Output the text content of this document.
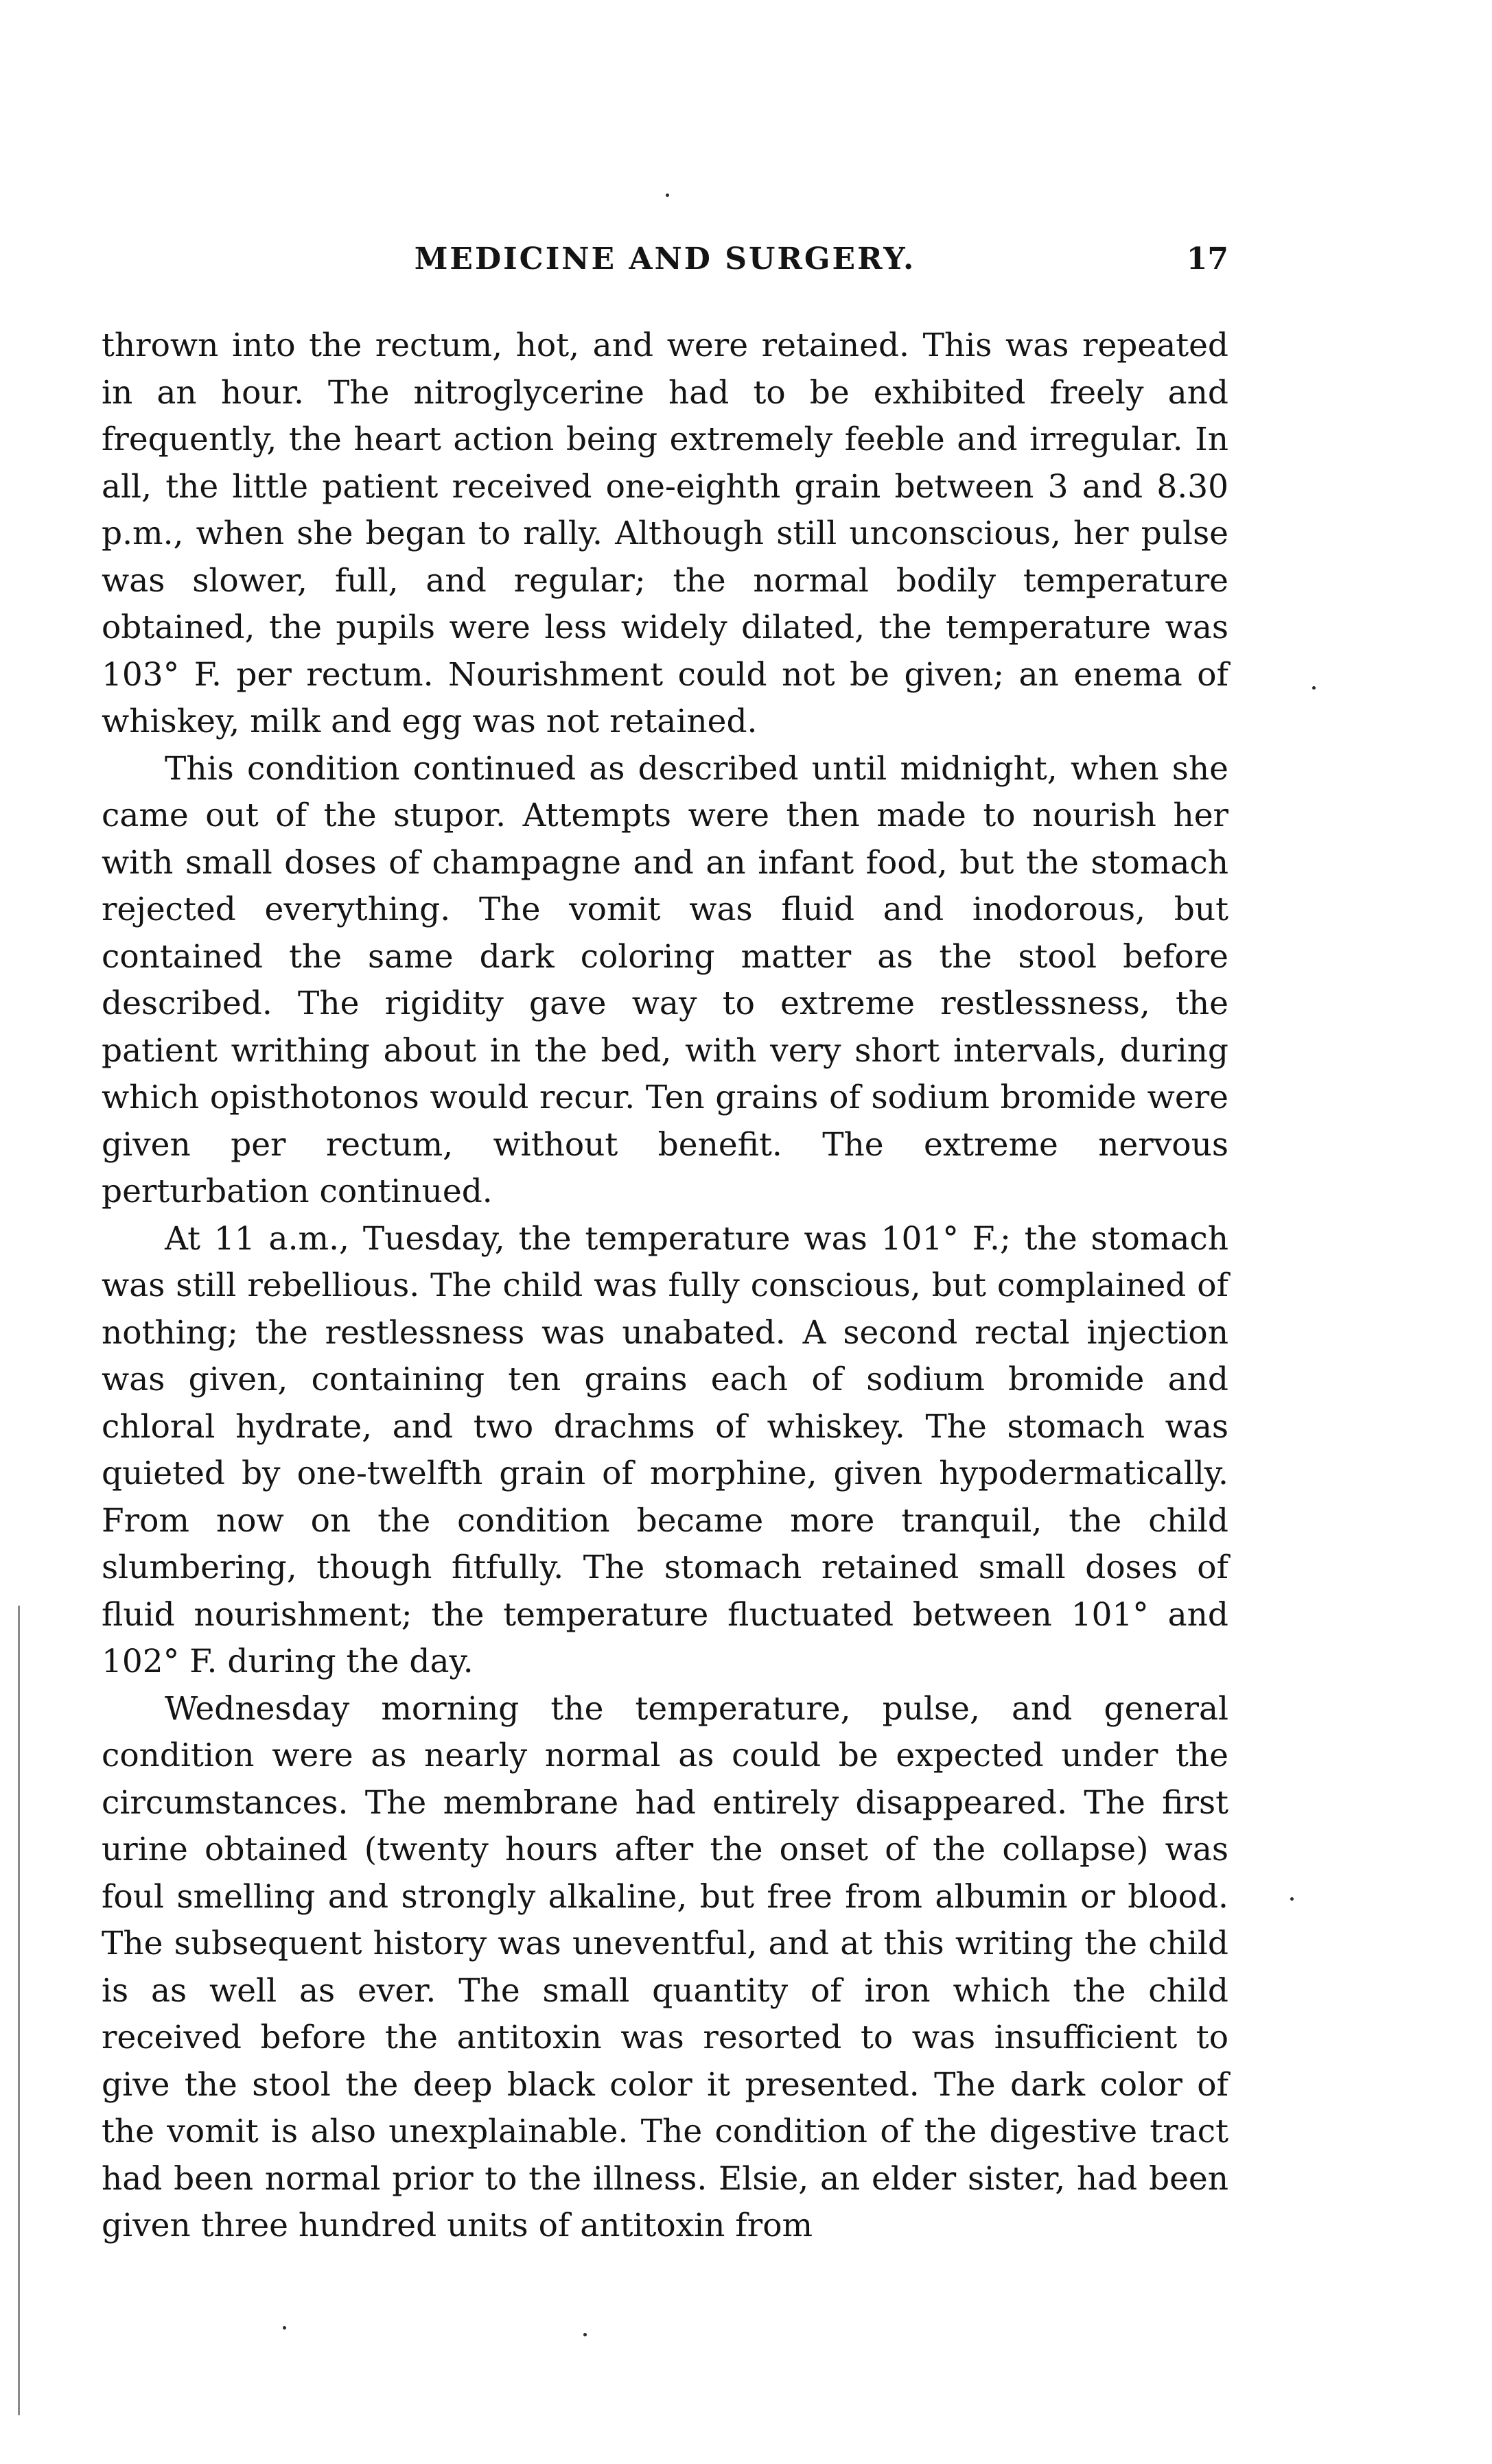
MEDICINE AND SURGERY.	17

thrown into the rectum, hot, and were retained. This was repeated in an hour. The nitroglycerine had to be exhibited freely and frequently, the heart action being extremely feeble and irregular. In all, the little patient received one-eighth grain between 3 and 8.30 p.m., when she began to rally. Although still unconscious, her pulse was slower, full, and regular; the normal bodily temperature obtained, the pupils were less widely dilated, the temperature was 103° F. per rectum. Nourishment could not be given; an enema of whiskey, milk and egg was not retained.

This condition continued as described until midnight, when she came out of the stupor. Attempts were then made to nourish her with small doses of champagne and an infant food, but the stomach rejected everything. The vomit was fluid and inodorous, but contained the same dark coloring matter as the stool before described. The rigidity gave way to extreme restlessness, the patient writhing about in the bed, with very short intervals, during which opisthotonos would recur. Ten grains of sodium bromide were given per rectum, without benefit. The extreme nervous perturbation continued.

At 11 a.m., Tuesday, the temperature was 101° F.; the stomach was still rebellious. The child was fully conscious, but complained of nothing; the restlessness was unabated. A second rectal injection was given, containing ten grains each of sodium bromide and chloral hydrate, and two drachms of whiskey. The stomach was quieted by one-twelfth grain of morphine, given hypodermatically. From now on the condition became more tranquil, the child slumbering, though fitfully. The stomach retained small doses of fluid nourishment; the temperature fluctuated between 101° and 102° F. during the day.

Wednesday morning the temperature, pulse, and general condition were as nearly normal as could be expected under the circumstances. The membrane had entirely disappeared. The first urine obtained (twenty hours after the onset of the collapse) was foul smelling and strongly alkaline, but free from albumin or blood. The subsequent history was uneventful, and at this writing the child is as well as ever. The small quantity of iron which the child received before the antitoxin was resorted to was insufficient to give the stool the deep black color it presented. The dark color of the vomit is also unexplainable. The condition of the digestive tract had been normal prior to the illness. Elsie, an elder sister, had been given three hundred units of antitoxin from
